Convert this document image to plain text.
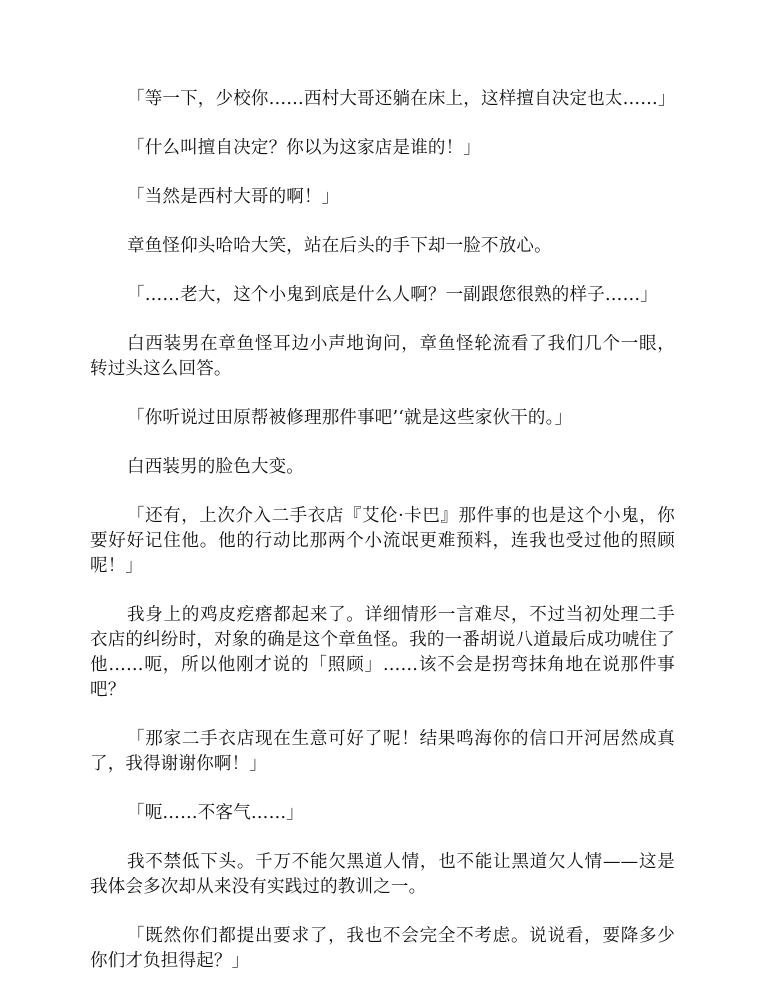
「等一下，少校你……西村大哥还躺在床上，这样擅自决定也太……」

「什么叫擅自决定？你以为这家店是谁的！」

「当然是西村大哥的啊！」

章鱼怪仰头哈哈大笑，站在后头的手下却一脸不放心。

「……老大，这个小鬼到底是什么人啊？一副跟您很熟的样子……」

白西装男在章鱼怪耳边小声地询问，章鱼怪轮流看了我们几个一眼，转过头这么回答。

「你听说过田原帮被修理那件事吧’‘就是这些家伙干的。」

白西装男的脸色大变。

「还有，上次介入二手衣店『艾伦·卡巴』那件事的也是这个小鬼，你要好好记住他。他的行动比那两个小流氓更难预料，连我也受过他的照顾呢！」

我身上的鸡皮疙瘩都起来了。详细情形一言难尽，不过当初处理二手衣店的纠纷时，对象的确是这个章鱼怪。我的一番胡说八道最后成功唬住了他……呃，所以他刚才说的「照顾」……该不会是拐弯抹角地在说那件事吧？

「那家二手衣店现在生意可好了呢！结果鸣海你的信口开河居然成真了，我得谢谢你啊！」

「呃……不客气……」

我不禁低下头。千万不能欠黑道人情，也不能让黑道欠人情——这是我体会多次却从来没有实践过的教训之一。

「既然你们都提出要求了，我也不会完全不考虑。说说看，要降多少你们才负担得起？」
